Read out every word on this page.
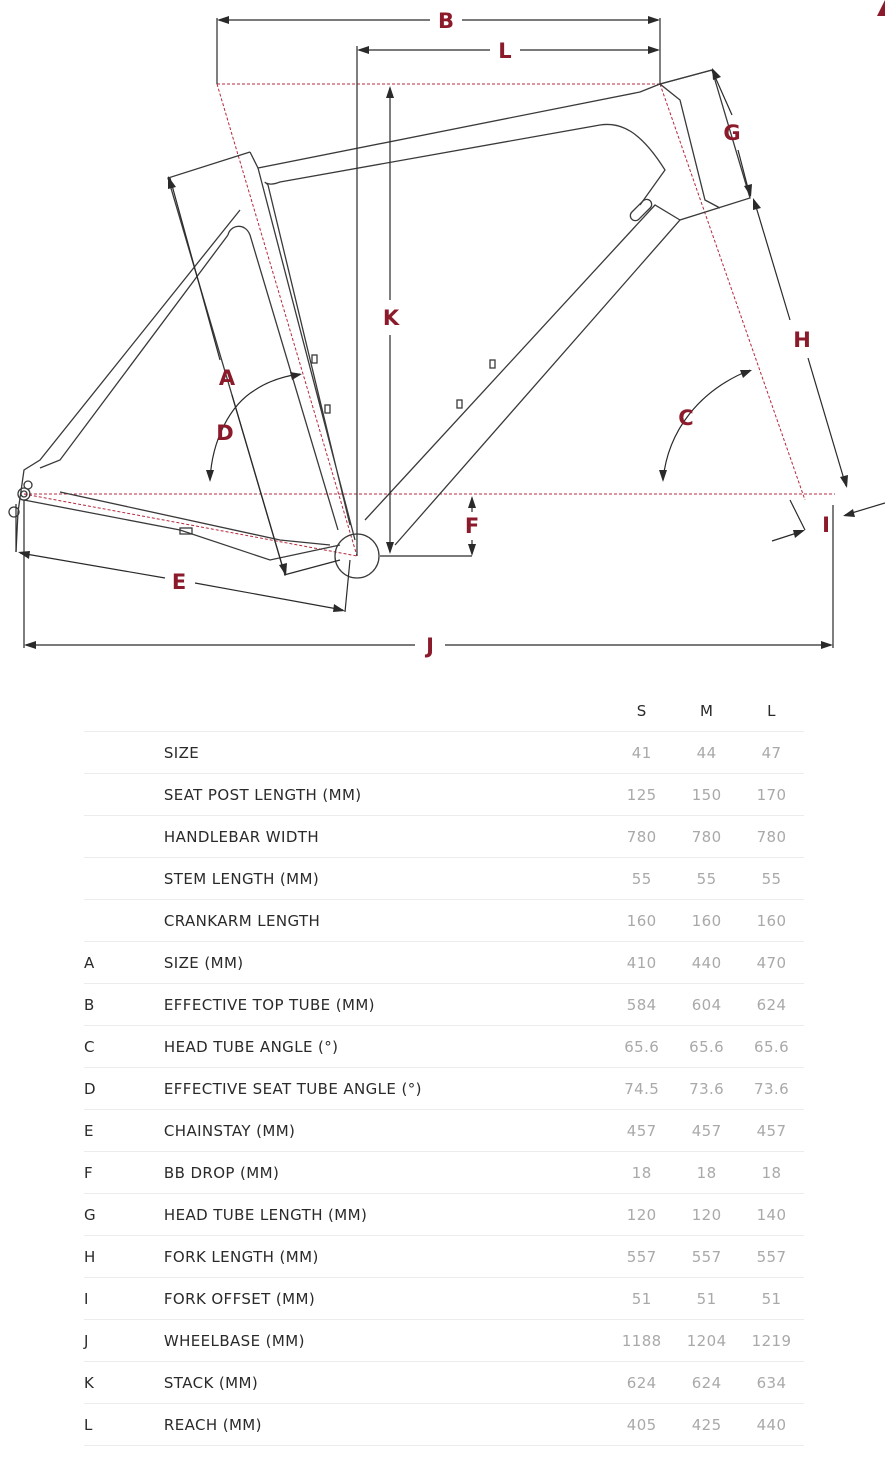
B
L
G
K
H
A
C
D
F	I
E
J
S	M	L
SIZE	41	44	47
SEAT POST LENGTH (MM)	125	150	170
HANDLEBAR WIDTH	780	780	780
STEM LENGTH (MM)	55	55	55
CRANKARM LENGTH	160	160	160
A	SIZE (MM)	410	440	470
B	EFFECTIVE TOP TUBE (MM)	584	604	624
C	HEAD TUBE ANGLE (°)	65.6	65.6	65.6
D	EFFECTIVE SEAT TUBE ANGLE (°)	74.5	73.6	73.6
E	CHAINSTAY (MM)	457	457	457
F	BB DROP (MM)	18	18	18
G	HEAD TUBE LENGTH (MM)	120	120	140
H	FORK LENGTH (MM)	557	557	557
I	FORK OFFSET (MM)	51	51	51
J	WHEELBASE (MM)	1188	1204	1219
K	STACK (MM)	624	624	634
L	REACH (MM)	405	425	440
